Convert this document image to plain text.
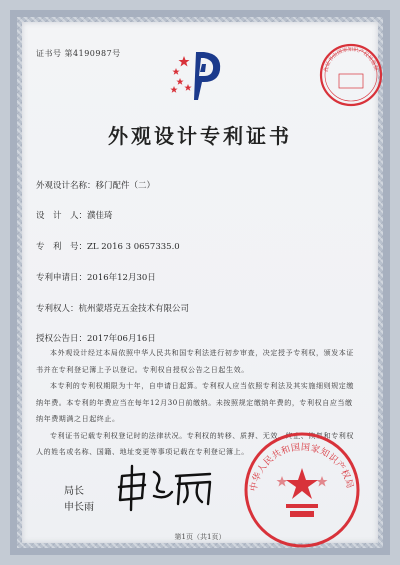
证书号 第4190987号
此证书由国家知识产权局监制
外观设计专利证书
外观设计名称：移门配件（二）
设　计　人：濮佳琦
专　利　号：ZL 2016 3 0657335.0
专利申请日：2016年12月30日
专利权人：杭州蒙塔克五金技术有限公司
授权公告日：2017年06月16日

本外观设计经过本局依照中华人民共和国专利法进行初步审查，决定授予专利权，颁发本证书并在专利登记簿上予以登记。专利权自授权公告之日起生效。

本专利的专利权期限为十年，自申请日起算。专利权人应当依照专利法及其实施细则规定缴纳年费。本专利的年费应当在每年12月30日前缴纳。未按照规定缴纳年费的，专利权自应当缴纳年费期满之日起终止。

专利证书记载专利权登记时的法律状况。专利权的转移、质押、无效、终止、恢复和专利权人的姓名或名称、国籍、地址变更等事项记载在专利登记簿上。

局长
申长雨
中华人民共和国国家知识产权局
第1页（共1页）
